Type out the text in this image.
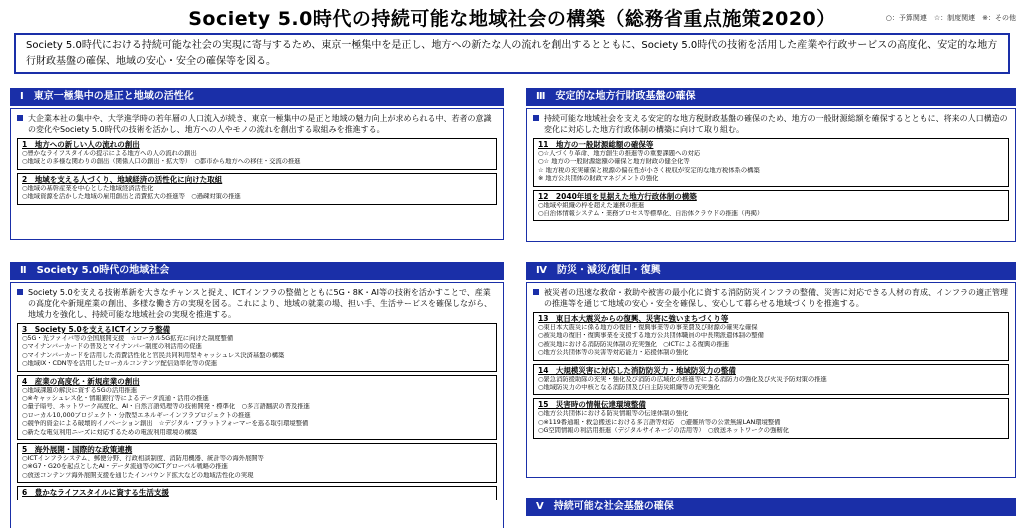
Society 5.0時代の持続可能な地域社会の構築（総務省重点施策2020）	○：予算関連　☆：制度関連　※：その他
Society 5.0時代における持続可能な社会の実現に寄与するため、東京一極集中を是正し、地方への新たな人の流れを創出するとともに、Society 5.0時代の技術を活用した産業や行政サービスの高度化、安定的な地方行財政基盤の確保、地域の安心・安全の確保等を図る。
Ⅰ　東京一極集中の是正と地域の活性化
大企業本社の集中や、大学進学時の若年層の人口流入が続き、東京一極集中の是正と地域の魅力向上が求められる中、若者の意識の変化やSociety 5.0時代の技術を活かし、地方への人やモノの流れを創出する取組みを推進する。
1　地方への新しい人の流れの創出
○豊かなライフスタイルの提示による地方への人の流れの創出
○地域との多様な関わりの創出（関係人口の創出・拡大等）　○都市から地方への移住・交流の推進
2　地域を支える人づくり、地域経済の活性化に向けた取組
○地域の基幹産業を中心とした地域経済活性化
○地域資源を活かした地域の雇用創出と消費拡大の推進等　○過疎対策の推進
Ⅱ　Society 5.0時代の地域社会
Society 5.0を支える技術革新を大きなチャンスと捉え、ICTインフラの整備とともに5G・8K・AI等の技術を活かすことで、産業の高度化や新規産業の創出、多様な働き方の実現を図る。これにより、地域の就業の場、担い手、生活サービスを確保しながら、地域力を強化し、持続可能な地域社会の実現を推進する。
3　Society 5.0を支えるICTインフラ整備
○5G・光ファイバ等の全国展開支援　☆ローカル5G拡充に向けた制度整備
○マイナンバーカードの普及とマイナンバー制度の利活用の促進
○マイナンバーカードを活用した消費活性化と官民共同利用型キャッシュレス決済基盤の構築
○地域IX・CDN等を活用したローカルコンテンツ配信効率化等の促進
4　産業の高度化・新規産業の創出
○地域課題の解決に資する5Gの活用推進
○※キャッシュレス化・情報銀行等によるデータ流通・活用の推進
○量子暗号、ネットワーク高度化、AI・自然言語処理等の技術開発・標準化　○多言語翻訳の普及推進
○ローカル10,000プロジェクト・分散型エネルギーインフラプロジェクトの推進
○競争的資金による破壊的イノベーション創出　☆デジタル・プラットフォーマーを巡る取引環境整備
○新たな電気利用ニーズに対応するための電波利用環境の構築
5　海外展開・国際的な政策連携
○ICTインフラシステム、郵便分野、行政相談制度、消防用機器、統計等の海外展開等
○※G7・G20を起点としたAI・データ流通等のICTグローバル戦略の推進
○放送コンテンツ海外展開支援を通じたインバウンド拡大などの地域活性化の実現
6　豊かなライフスタイルに資する生活支援
Ⅲ　安定的な地方行財政基盤の確保
持続可能な地域社会を支える安定的な地方税財政基盤の確保のため、地方の一般財源総額を確保するとともに、将来の人口構造の変化に対応した地方行政体制の構築に向けて取り組む。
11　地方の一般財源総額の確保等
○☆人づくり革命、地方創生の推進等の重要課題への対応
○☆ 地方の一般財源総額の確保と地方財政の健全化等
☆ 地方税の充実確保と税源の偏在性が小さく税収が安定的な地方税体系の構築
※ 地方公共団体の財政マネジメントの強化
12　2040年頃を見据えた地方行政体制の構築
○地域や組織の枠を超えた連携の推進
○自治体情報システム・業務プロセス等標準化、自治体クラウドの推進（再掲）
Ⅳ　防災・減災/復旧・復興
被災者の迅速な救命・救助や被害の最小化に資する消防防災インフラの整備、災害に対応できる人材の育成、インフラの適正管理の推進等を通じて地域の安心・安全を確保し、安心して暮らせる地域づくりを推進する。
13　東日本大震災からの復興、災害に強いまちづくり等
○東日本大震災に係る地方の復旧・復興事業等の事業費及び財源の確実な確保
○被災地の復旧・復興事業を支援する地方公共団体職員の中長期派遣体制の整備
○被災地における消防防災体制の充実強化　○ICTによる復興の推進
○地方公共団体等の災害等対応能力・応援体制の強化
14　大規模災害に対応した消防防災力・地域防災力の整備
○緊急消防援助隊の充実・強化及び消防の広域化の推進等による消防力の強化及び火災予防対策の推進
○地域防災力の中核となる消防団及び自主防災組織等の充実強化
15　災害時の情報伝達環境整備
○地方公共団体における防災情報等の伝達体制の強化
○※119番通報・救急搬送における多言語等対応　○避難所等の公衆無線LAN環境整備
○G空間情報の利活用推進（デジタルサイネージの活用等）　○放送ネットワークの強靭化
Ⅴ　持続可能な社会基盤の確保
